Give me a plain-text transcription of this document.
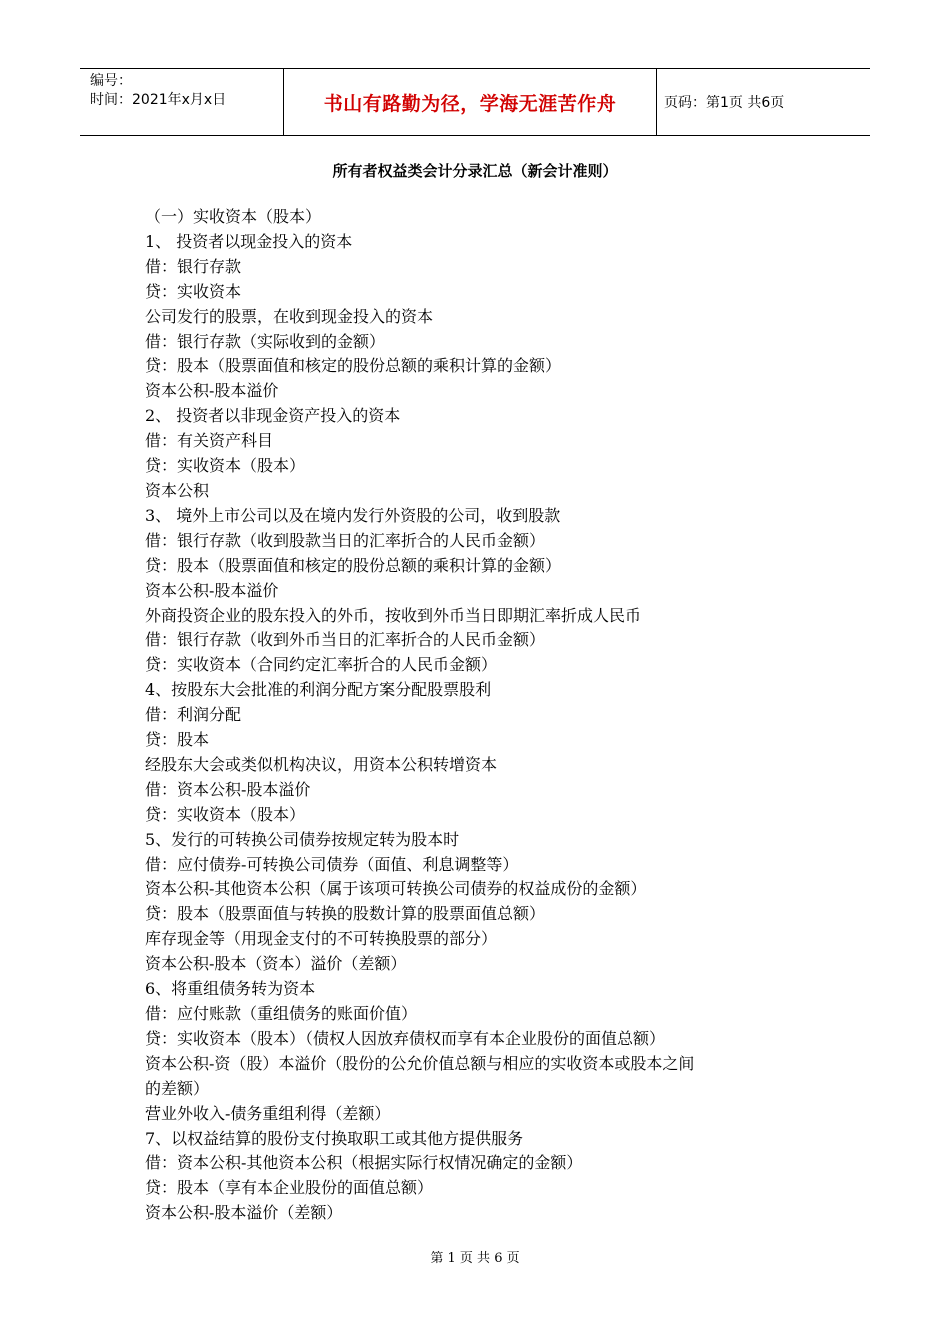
编号：
时间：2021年x月x日	书山有路勤为径，学海无涯苦作舟	页码：第1页 共6页
所有者权益类会计分录汇总（新会计准则）
（一）实收资本（股本）
1、 投资者以现金投入的资本
借：银行存款
贷：实收资本
公司发行的股票，在收到现金投入的资本
借：银行存款（实际收到的金额）
贷：股本（股票面值和核定的股份总额的乘积计算的金额）
资本公积-股本溢价
2、 投资者以非现金资产投入的资本
借：有关资产科目
贷：实收资本（股本）
资本公积
3、 境外上市公司以及在境内发行外资股的公司，收到股款
借：银行存款（收到股款当日的汇率折合的人民币金额）
贷：股本（股票面值和核定的股份总额的乘积计算的金额）
资本公积-股本溢价
外商投资企业的股东投入的外币，按收到外币当日即期汇率折成人民币
借：银行存款（收到外币当日的汇率折合的人民币金额）
贷：实收资本（合同约定汇率折合的人民币金额）
4、按股东大会批准的利润分配方案分配股票股利
借：利润分配
贷：股本
经股东大会或类似机构决议，用资本公积转增资本
借：资本公积-股本溢价
贷：实收资本（股本）
5、发行的可转换公司债券按规定转为股本时
借：应付债券-可转换公司债券（面值、利息调整等）
资本公积-其他资本公积（属于该项可转换公司债券的权益成份的金额）
贷：股本（股票面值与转换的股数计算的股票面值总额）
库存现金等（用现金支付的不可转换股票的部分）
资本公积-股本（资本）溢价（差额）
6、将重组债务转为资本
借：应付账款（重组债务的账面价值）
贷：实收资本（股本）（债权人因放弃债权而享有本企业股份的面值总额）
资本公积-资（股）本溢价（股份的公允价值总额与相应的实收资本或股本之间
的差额）
营业外收入-债务重组利得（差额）
7、以权益结算的股份支付换取职工或其他方提供服务
借：资本公积-其他资本公积（根据实际行权情况确定的金额）
贷：股本（享有本企业股份的面值总额）
资本公积-股本溢价（差额）
第 1 页 共 6 页
